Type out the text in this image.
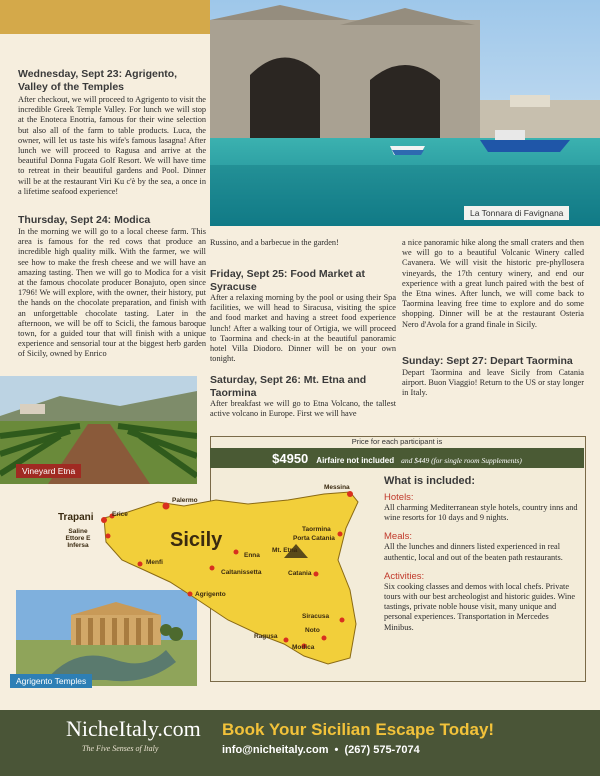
Wednesday, Sept 23: Agrigento,
Valley of the Temples
After checkout, we will proceed to Agrigento to visit the incredible Greek Temple Valley. For lunch we will stop at the Enoteca Enotria, famous for their wine selection but also all of the farm to table products. Luca, the owner, will let us taste his wife's famous lasagna! After lunch we will proceed to Ragusa and arrive at the beautiful Donna Fugata Golf Resort. We will have time to retreat in their beautiful gardens and Pool. Dinner will be at the restaurant Viri Ku c'è by the sea, a once in a lifetime seafood experience!
Thursday, Sept 24: Modica
In the morning we will go to a local cheese farm. This area is famous for the red cows that produce an incredible high quality milk. With the farmer, we will see how to make the fresh cheese and we will have an amazing tasting. Then we will go to Modica for a visit at the famous chocolate producer Bonajuto, open since 1796! We will explore, with the owner, their history, put the hands on the chocolate preparation, and finish with an unforgettable chocolate tasting. Later in the afternoon, we will be off to Scicli, the famous baroque town, for a guided tour that will finish with a unique experience and sensorial tour at the biggest herb garden of Sicily, owned by Enrico
La Tonnara di Favignana
Russino, and a barbecue in the garden!
Friday, Sept 25: Food Market at
Syracuse
After a relaxing morning by the pool or using their Spa facilities, we will head to Siracusa, visiting the spice and food market and having a street food experience lunch! After a walking tour of Ortigia, we will proceed to Taormina and check-in at the beautiful panoramic hotel Villa Diodoro. Dinner will be on your own tonight.
Saturday, Sept 26: Mt. Etna and
Taormina
After breakfast we will go to Etna Volcano, the tallest active volcano in Europe. First we will have
a nice panoramic hike along the small craters and then we will go to a beautiful Volcanic Winery called Cavanera. We will visit the historic pre-phyllosera vineyards, the 17th century winery, and end our experience with a great lunch paired with the best of the Etna wines. After lunch, we will come back to Taormina leaving free time to explore and do some shopping. Dinner will be at the restaurant Osteria Nero d'Avola for a grand finale in Sicily.
Sunday: Sept 27: Depart Taormina
Depart Taormina and leave Sicily from Catania airport. Buon Viaggio! Return to the US or stay longer in Italy.
Vineyard Etna
Agrigento Temples
Price for each participant is
$4950 Airfaire not included and $449 (for single room Supplements)
Sicily
Palermo
Messina
Trapani	Erice
Saline
Ettore E
Infersa
Menfi
Enna
Caltanissetta
Agrigento
Taormina
Porta Catania
Mt. Etna
Catania
Siracusa
Noto
Ragusa
Modica
What is included:
Hotels:
All charming Mediterranean style hotels, country inns and wine resorts for 10 days and 9 nights.
Meals:
All the lunches and dinners listed experienced in real authentic, local and out of the beaten path restaurants.
Activities:
Six cooking classes and demos with local chefs. Private tours with our best archeologist and historic guides. Wine tastings, private noble house visit, many unique and personal experiences. Transportation in Mercedes Minibus.
NicheItaly.com
The Five Senses of Italy
Book Your Sicilian Escape Today!
info@nicheitaly.com • (267) 575-7074
